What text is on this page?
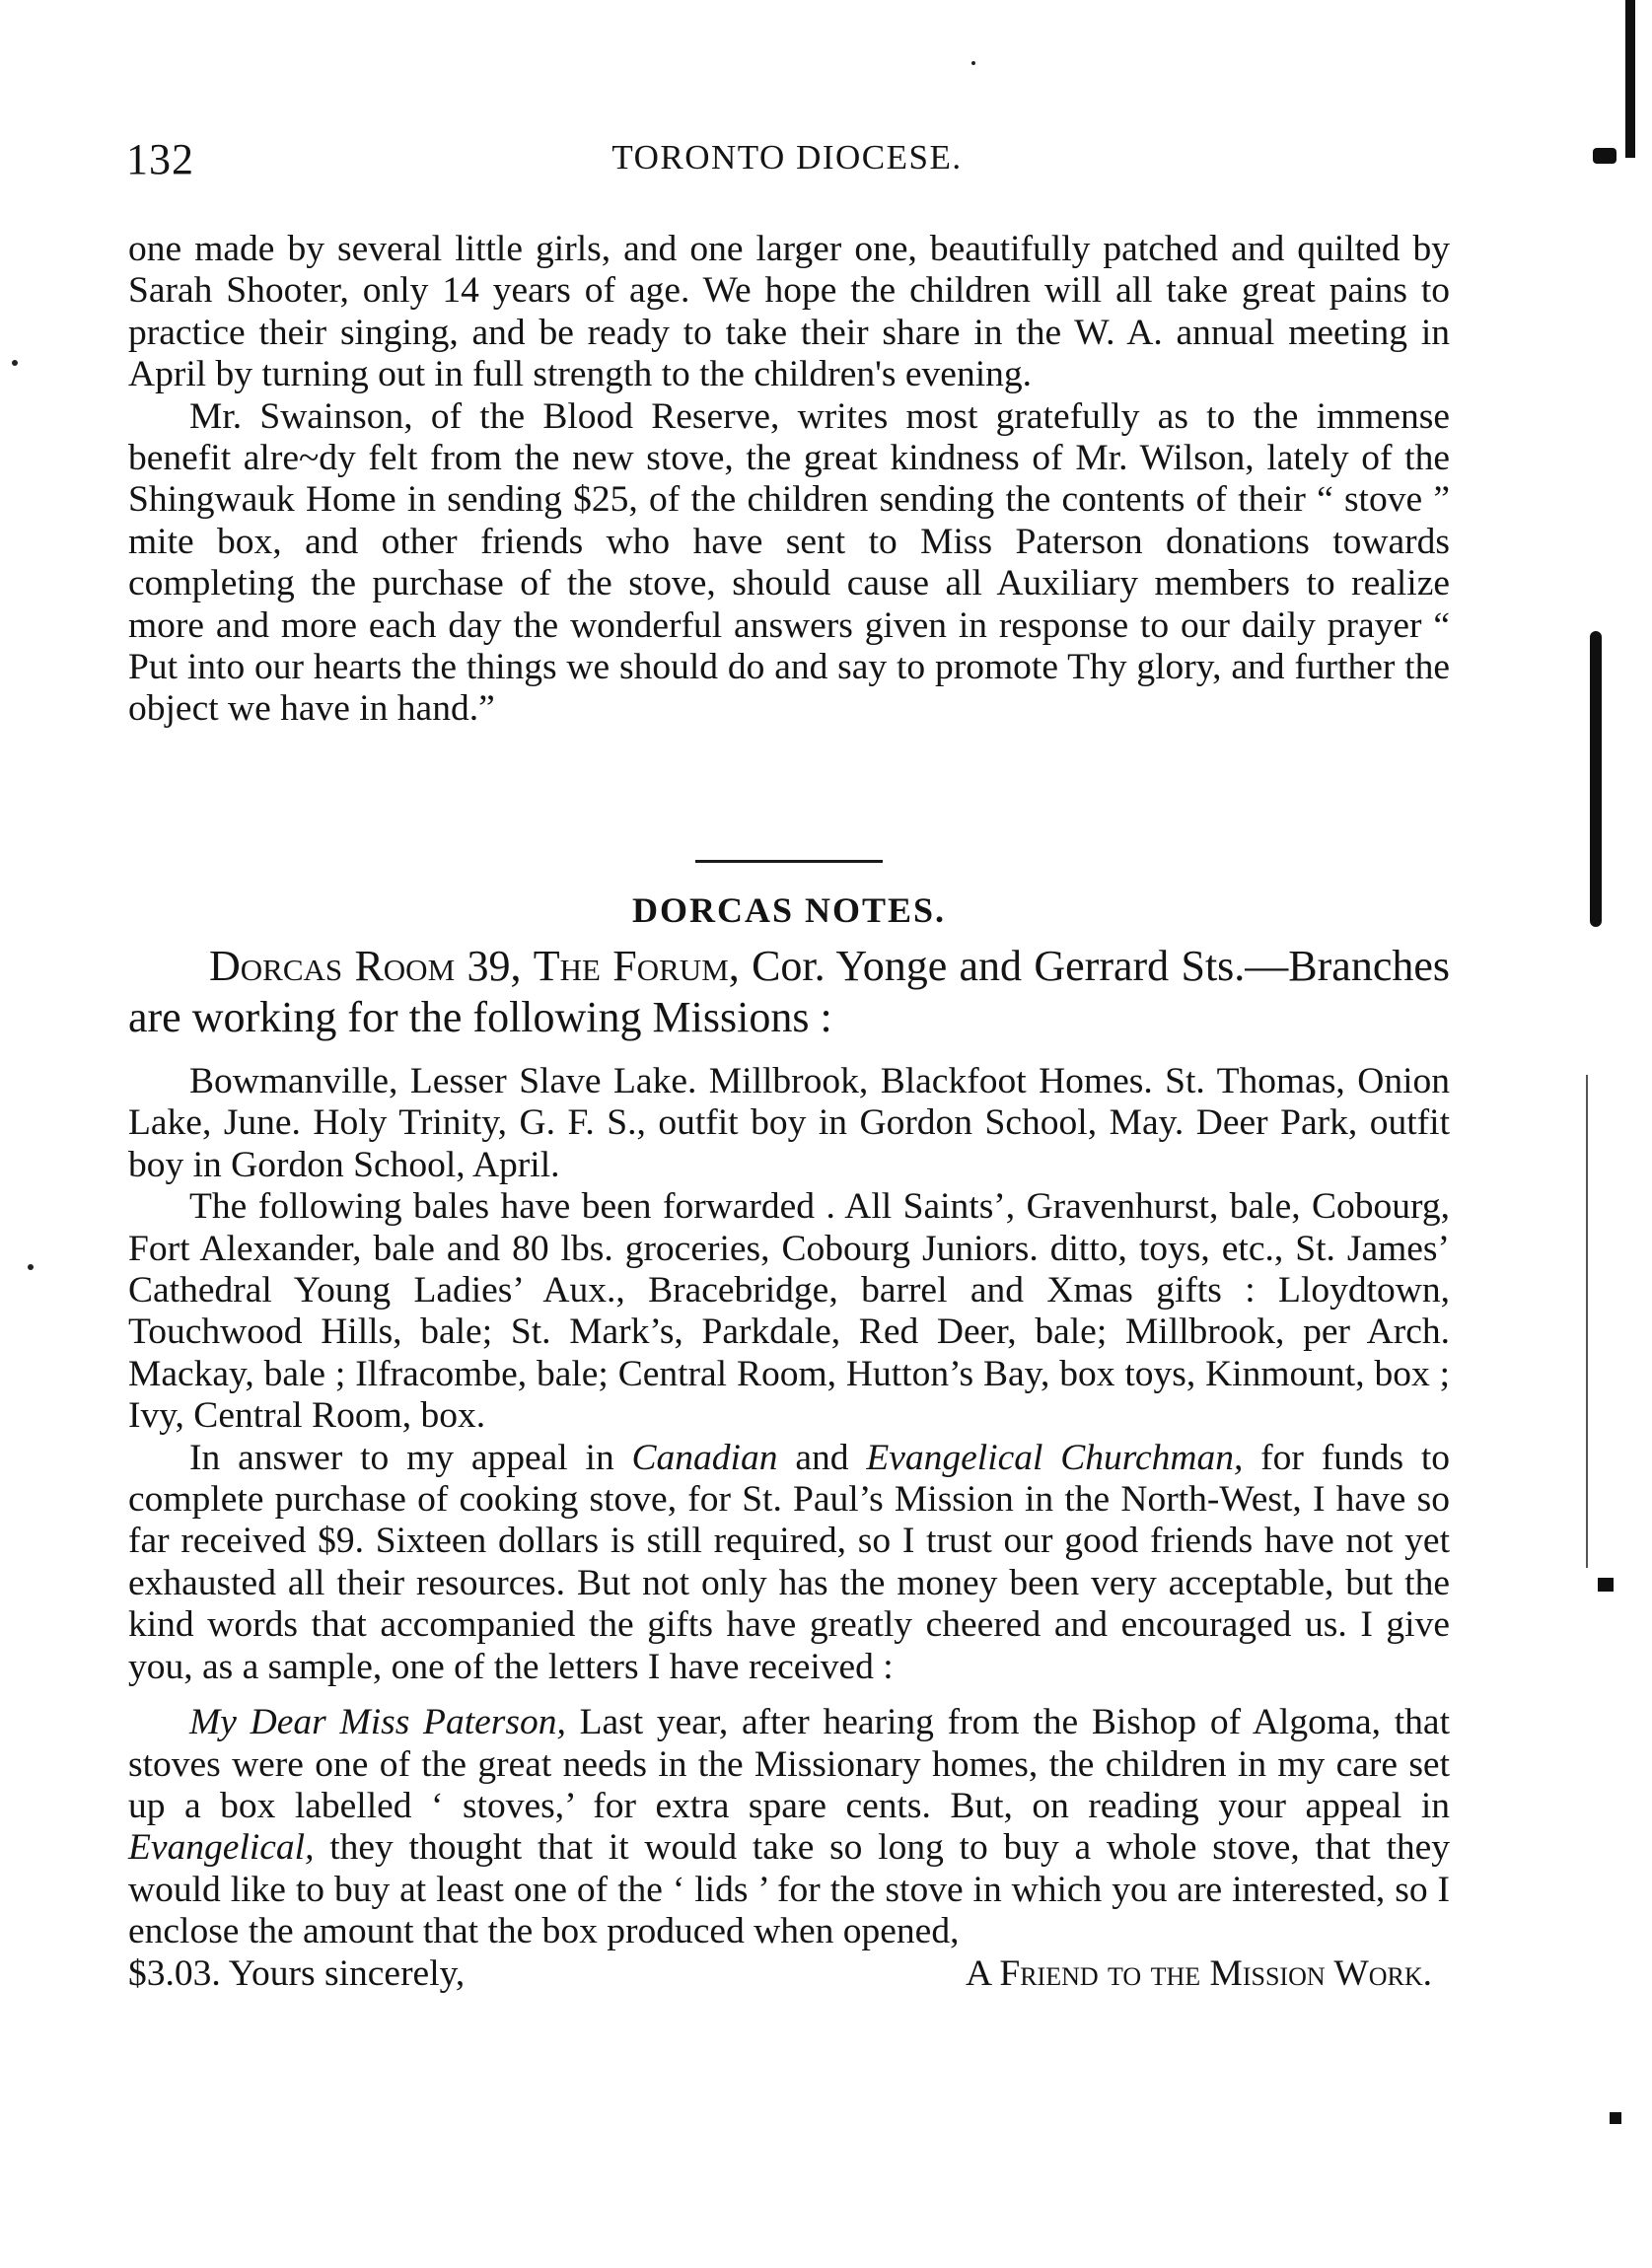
132	TORONTO DIOCESE.

one made by several little girls, and one larger one, beautifully patched and quilted by Sarah Shooter, only 14 years of age. We hope the children will all take great pains to practice their singing, and be ready to take their share in the W. A. annual meeting in April by turning out in full strength to the children's evening.

Mr. Swainson, of the Blood Reserve, writes most gratefully as to the immense benefit alre~dy felt from the new stove, the great kindness of Mr. Wilson, lately of the Shingwauk Home in sending $25, of the children sending the contents of their “ stove ” mite box, and other friends who have sent to Miss Paterson donations towards completing the purchase of the stove, should cause all Auxiliary members to realize more and more each day the wonderful answers given in response to our daily prayer “ Put into our hearts the things we should do and say to promote Thy glory, and further the object we have in hand.”

DORCAS NOTES.

Dorcas Room 39, The Forum, Cor. Yonge and Gerrard Sts.—Branches are working for the following Missions :

Bowmanville, Lesser Slave Lake. Millbrook, Blackfoot Homes. St. Thomas, Onion Lake, June. Holy Trinity, G. F. S., outfit boy in Gordon School, May. Deer Park, outfit boy in Gordon School, April.

The following bales have been forwarded . All Saints’, Gravenhurst, bale, Cobourg, Fort Alexander, bale and 80 lbs. groceries, Cobourg Juniors. ditto, toys, etc., St. James’ Cathedral Young Ladies’ Aux., Bracebridge, barrel and Xmas gifts : Lloydtown, Touchwood Hills, bale; St. Mark’s, Parkdale, Red Deer, bale; Millbrook, per Arch. Mackay, bale ; Ilfracombe, bale; Central Room, Hutton’s Bay, box toys, Kinmount, box ; Ivy, Central Room, box.

In answer to my appeal in Canadian and Evangelical Churchman, for funds to complete purchase of cooking stove, for St. Paul’s Mission in the North-West, I have so far received $9. Sixteen dollars is still required, so I trust our good friends have not yet exhausted all their resources. But not only has the money been very acceptable, but the kind words that accompanied the gifts have greatly cheered and encouraged us. I give you, as a sample, one of the letters I have received :

My Dear Miss Paterson, Last year, after hearing from the Bishop of Algoma, that stoves were one of the great needs in the Missionary homes, the children in my care set up a box labelled ‘ stoves,’ for extra spare cents. But, on reading your appeal in Evangelical, they thought that it would take so long to buy a whole stove, that they would like to buy at least one of the ‘ lids ’ for the stove in which you are interested, so I enclose the amount that the box produced when opened,

$3.03. Yours sincerely,	A Friend to the Mission Work.
